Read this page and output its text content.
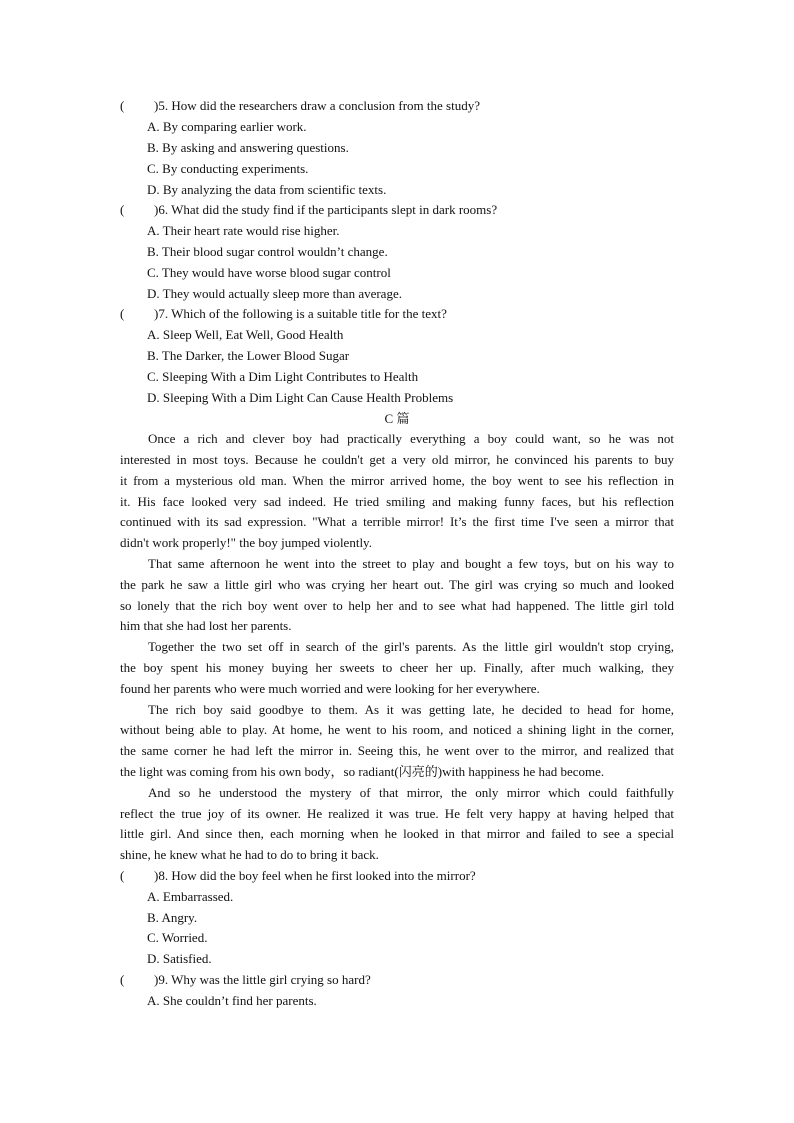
( )5. How did the researchers draw a conclusion from the study?
A. By comparing earlier work.
B. By asking and answering questions.
C. By conducting experiments.
D. By analyzing the data from scientific texts.
( )6. What did the study find if the participants slept in dark rooms?
A. Their heart rate would rise higher.
B. Their blood sugar control wouldn’t change.
C. They would have worse blood sugar control
D. They would actually sleep more than average.
( )7. Which of the following is a suitable title for the text?
A. Sleep Well, Eat Well, Good Health
B. The Darker, the Lower Blood Sugar
C. Sleeping With a Dim Light Contributes to Health
D. Sleeping With a Dim Light Can Cause Health Problems
C 篇
Once a rich and clever boy had practically everything a boy could want, so he was not
interested in most toys. Because he couldn't get a very old mirror, he convinced his parents to buy
it from a mysterious old man. When the mirror arrived home, the boy went to see his reflection in
it. His face looked very sad indeed. He tried smiling and making funny faces, but his reflection
continued with its sad expression. "What a terrible mirror! It’s the first time I've seen a mirror that
didn't work properly!" the boy jumped violently.
That same afternoon he went into the street to play and bought a few toys, but on his way to
the park he saw a little girl who was crying her heart out. The girl was crying so much and looked
so lonely that the rich boy went over to help her and to see what had happened. The little girl told
him that she had lost her parents.
Together the two set off in search of the girl's parents. As the little girl wouldn't stop crying,
the boy spent his money buying her sweets to cheer her up. Finally, after much walking, they
found her parents who were much worried and were looking for her everywhere.
The rich boy said goodbye to them. As it was getting late, he decided to head for home,
without being able to play. At home, he went to his room, and noticed a shining light in the corner,
the same corner he had left the mirror in. Seeing this, he went over to the mirror, and realized that
the light was coming from his own body，so radiant(闪亮的)with happiness he had become.
And so he understood the mystery of that mirror, the only mirror which could faithfully
reflect the true joy of its owner. He realized it was true. He felt very happy at having helped that
little girl. And since then, each morning when he looked in that mirror and failed to see a special
shine, he knew what he had to do to bring it back.
( )8. How did the boy feel when he first looked into the mirror?
A. Embarrassed.
B. Angry.
C. Worried.
D. Satisfied.
( )9. Why was the little girl crying so hard?
A. She couldn’t find her parents.
